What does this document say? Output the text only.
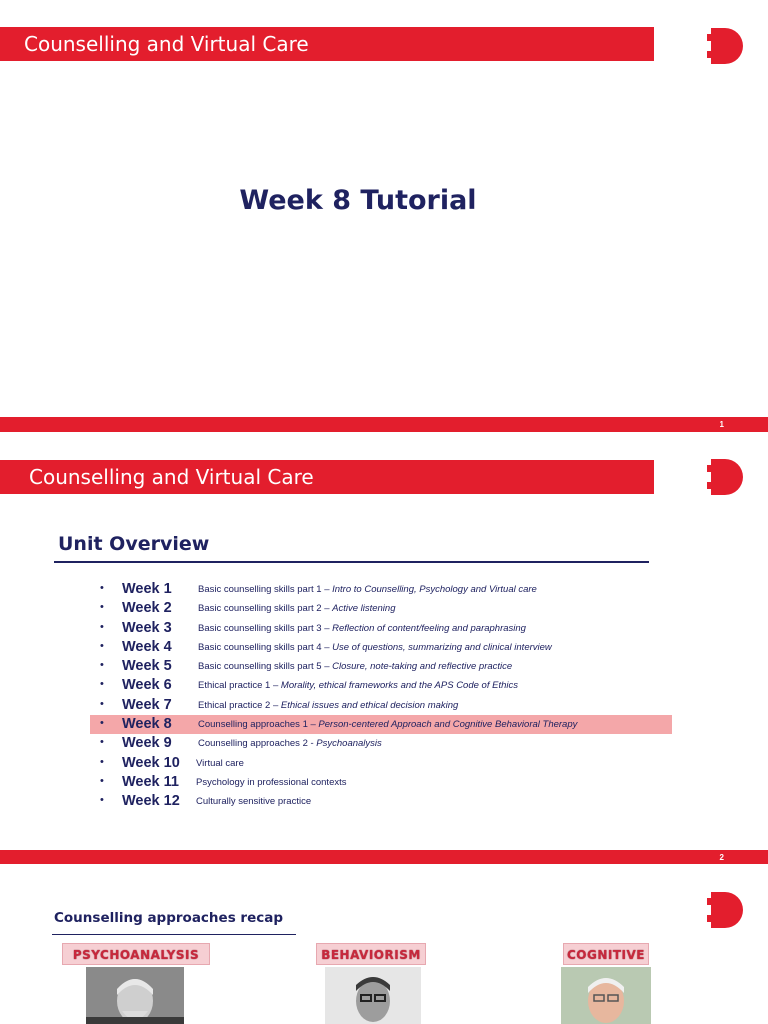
Counselling and Virtual Care
Week 8 Tutorial
1
Counselling and Virtual Care
Unit Overview
• Week 1	Basic counselling skills part 1 – Intro to Counselling, Psychology and Virtual care
• Week 2	Basic counselling skills part 2 – Active listening
• Week 3	Basic counselling skills part 3 – Reflection of content/feeling and paraphrasing
• Week 4	Basic counselling skills part 4 – Use of questions, summarizing and clinical interview
• Week 5	Basic counselling skills part 5 – Closure, note-taking and reflective practice
• Week 6	Ethical practice 1 – Morality, ethical frameworks and the APS Code of Ethics
• Week 7	Ethical practice 2 – Ethical issues and ethical decision making
• Week 8	Counselling approaches 1 – Person-centered Approach and Cognitive Behavioral Therapy
• Week 9	Counselling approaches 2 - Psychoanalysis
• Week 10 Virtual care
• Week 11 Psychology in professional contexts
• Week 12 Culturally sensitive practice
2
Counselling approaches recap
PSYCHOANALYSIS	BEHAVIORISM	COGNITIVE
